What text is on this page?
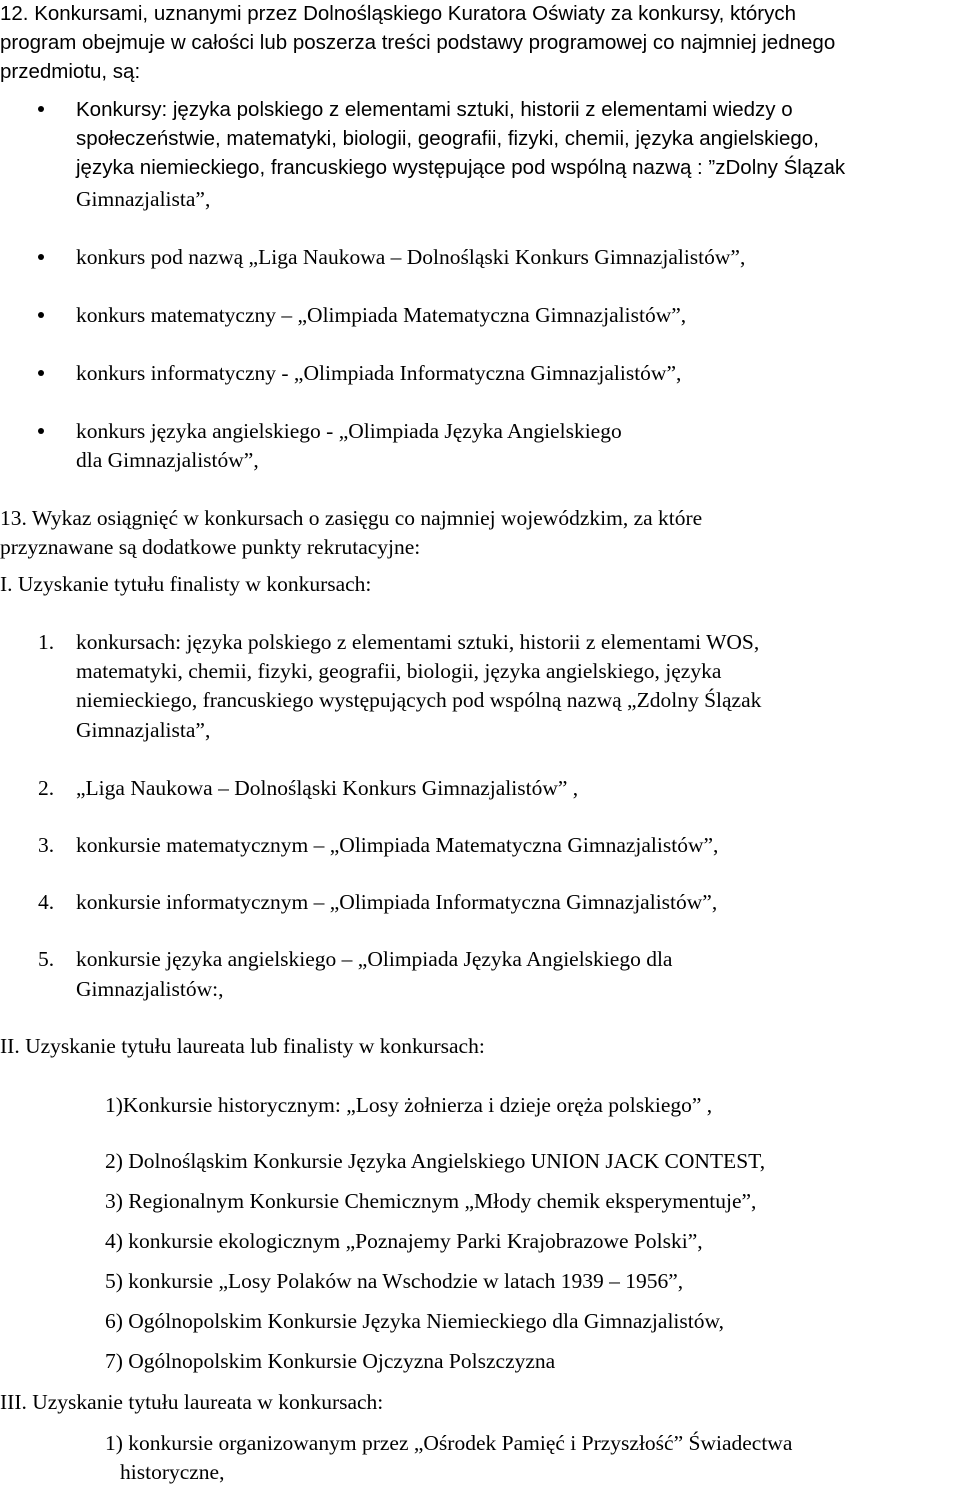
12. Konkursami, uznanymi przez Dolnośląskiego Kuratora Oświaty za konkursy, których

program obejmuje w całości lub poszerza treści podstawy programowej co najmniej jednego

przedmiotu, są:

Konkursy: języka polskiego z elementami sztuki, historii z elementami wiedzy o

społeczeństwie, matematyki, biologii, geografii, fizyki, chemii, języka angielskiego,

języka niemieckiego, francuskiego występujące pod wspólną nazwą : ”zDolny Ślązak

Gimnazjalista”,

konkurs pod nazwą „Liga Naukowa – Dolnośląski Konkurs Gimnazjalistów”,

konkurs matematyczny – „Olimpiada Matematyczna Gimnazjalistów”,

konkurs informatyczny - „Olimpiada Informatyczna Gimnazjalistów”,

konkurs języka angielskiego - „Olimpiada Języka Angielskiego

dla Gimnazjalistów”,

13. Wykaz osiągnięć w konkursach o zasięgu co najmniej wojewódzkim, za które

przyznawane są dodatkowe punkty rekrutacyjne:

I. Uzyskanie tytułu finalisty w konkursach:

1. konkursach: języka polskiego z elementami sztuki, historii z elementami WOS,

matematyki, chemii, fizyki, geografii, biologii, języka angielskiego, języka

niemieckiego, francuskiego występujących pod wspólną nazwą „Zdolny Ślązak

Gimnazjalista”,

2. „Liga Naukowa – Dolnośląski Konkurs Gimnazjalistów” ,

3. konkursie matematycznym – „Olimpiada Matematyczna Gimnazjalistów”,

4. konkursie informatycznym – „Olimpiada Informatyczna Gimnazjalistów”,

5. konkursie języka angielskiego – „Olimpiada Języka Angielskiego dla

Gimnazjalistów:,

II. Uzyskanie tytułu laureata lub finalisty w konkursach:

1)Konkursie historycznym: „Losy żołnierza i dzieje oręża polskiego” ,

2) Dolnośląskim Konkursie Języka Angielskiego UNION JACK CONTEST,

3) Regionalnym Konkursie Chemicznym „Młody chemik eksperymentuje”,

4) konkursie ekologicznym „Poznajemy Parki Krajobrazowe Polski”,

5) konkursie „Losy Polaków na Wschodzie w latach 1939 – 1956”,

6) Ogólnopolskim Konkursie Języka Niemieckiego dla Gimnazjalistów,

7) Ogólnopolskim Konkursie Ojczyzna Polszczyzna

III. Uzyskanie tytułu laureata w konkursach:

1) konkursie organizowanym przez „Ośrodek Pamięć i Przyszłość” Świadectwa

historyczne,
